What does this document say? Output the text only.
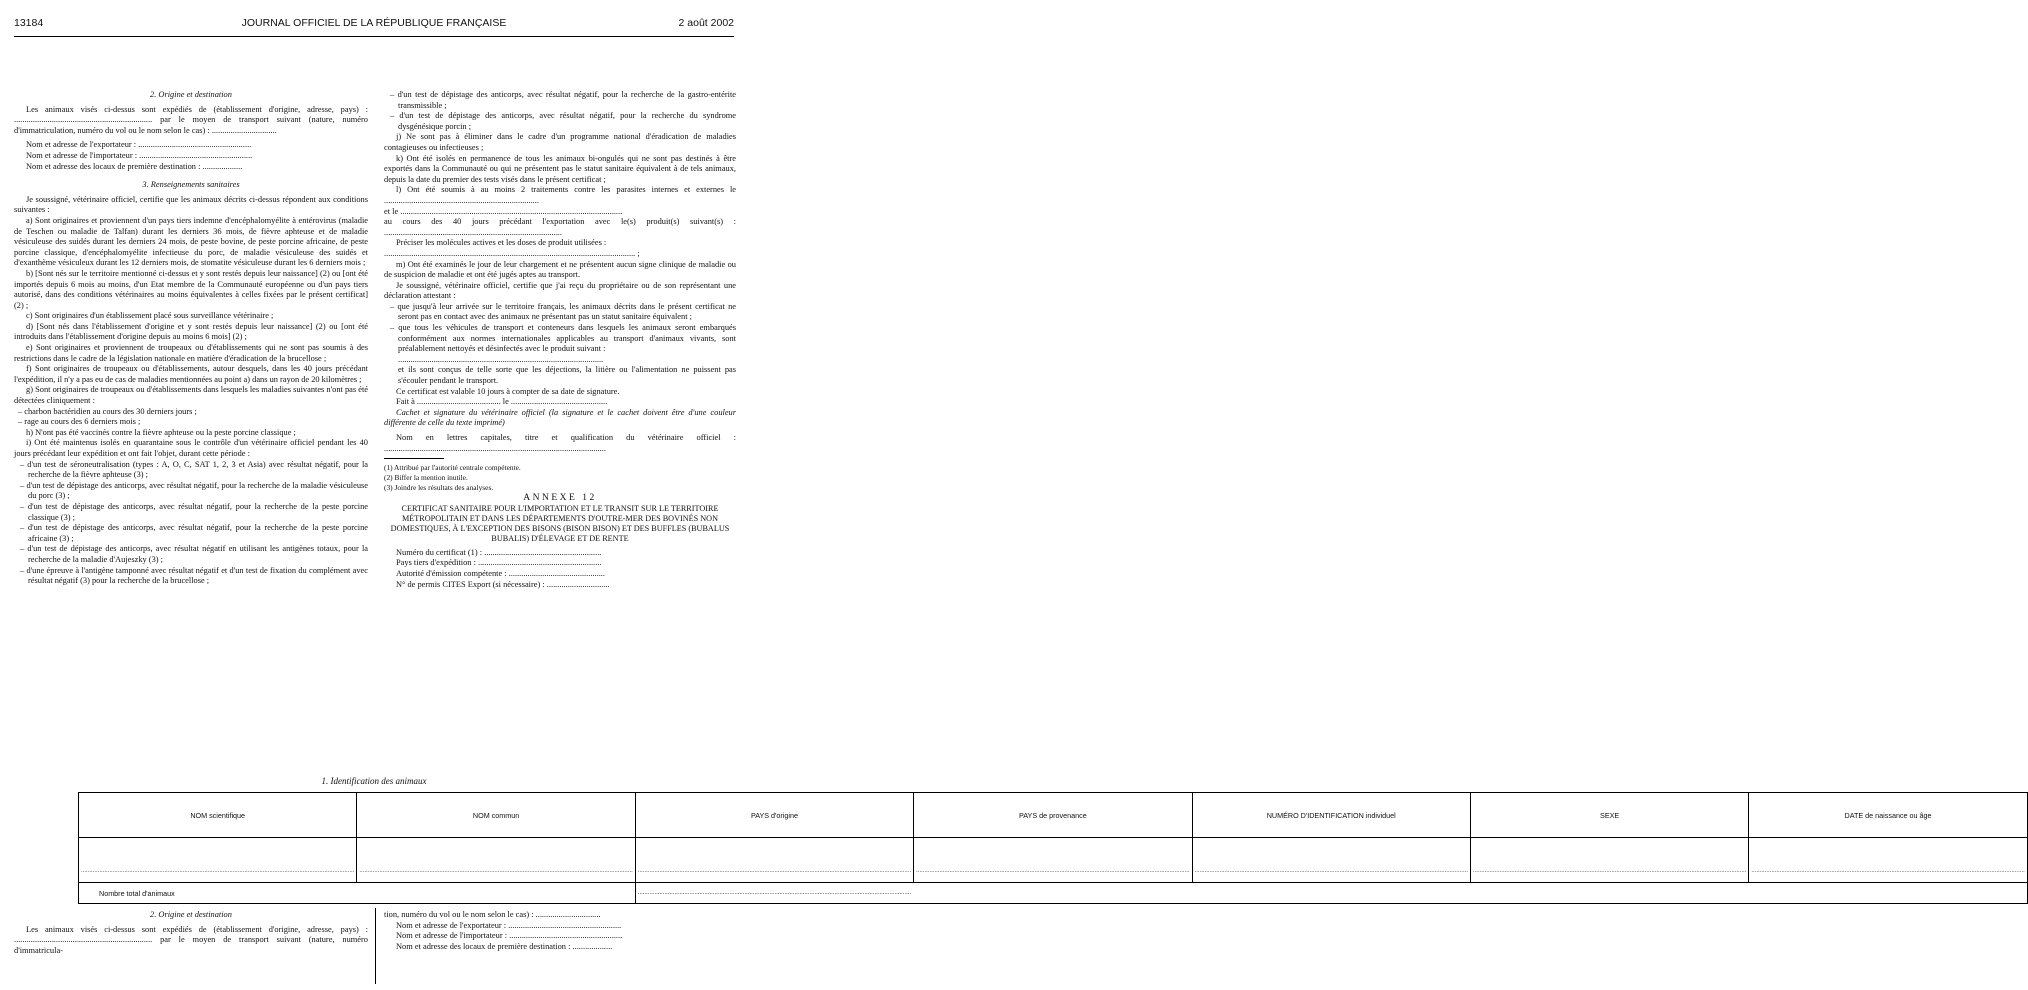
13184	JOURNAL OFFICIEL DE LA RÉPUBLIQUE FRANÇAISE	2 août 2002

2. Origine et destination

Les animaux visés ci-dessus sont expédiés de (établissement d'origine, adresse, pays) : .................................................................. par le moyen de transport suivant (nature, numéro d'immatriculation, numéro du vol ou le nom selon le cas) : ...............................

Nom et adresse de l'exportateur : ......................................................

Nom et adresse de l'importateur : ......................................................

Nom et adresse des locaux de première destination : ...................

3. Renseignements sanitaires

Je soussigné, vétérinaire officiel, certifie que les animaux décrits ci-dessus répondent aux conditions suivantes :

a) Sont originaires et proviennent d'un pays tiers indemne d'encéphalomyélite à entérovirus (maladie de Teschen ou maladie de Talfan) durant les derniers 36 mois, de fièvre aphteuse et de maladie vésiculeuse des suidés durant les derniers 24 mois, de peste bovine, de peste porcine africaine, de peste porcine classique, d'encéphalomyélite infectieuse du porc, de maladie vésiculeuse des suidés et d'exanthème vésiculeux durant les 12 derniers mois, de stomatite vésiculeuse durant les 6 derniers mois ;

b) [Sont nés sur le territoire mentionné ci-dessus et y sont restés depuis leur naissance] (2) ou [ont été importés depuis 6 mois au moins, d'un Etat membre de la Communauté européenne ou d'un pays tiers autorisé, dans des conditions vétérinaires au moins équivalentes à celles fixées par le présent certificat] (2) ;

c) Sont originaires d'un établissement placé sous surveillance vétérinaire ;

d) [Sont nés dans l'établissement d'origine et y sont restés depuis leur naissance] (2) ou [ont été introduits dans l'établissement d'origine depuis au moins 6 mois] (2) ;

e) Sont originaires et proviennent de troupeaux ou d'établissements qui ne sont pas soumis à des restrictions dans le cadre de la législation nationale en matière d'éradication de la brucellose ;

f) Sont originaires de troupeaux ou d'établissements, autour desquels, dans les 40 jours précédant l'expédition, il n'y a pas eu de cas de maladies mentionnées au point a) dans un rayon de 20 kilomètres ;

g) Sont originaires de troupeaux ou d'établissements dans lesquels les maladies suivantes n'ont pas été détectées cliniquement :

– charbon bactéridien au cours des 30 derniers jours ;

– rage au cours des 6 derniers mois ;

h) N'ont pas été vaccinés contre la fièvre aphteuse ou la peste porcine classique ;

i) Ont été maintenus isolés en quarantaine sous le contrôle d'un vétérinaire officiel pendant les 40 jours précédant leur expédition et ont fait l'objet, durant cette période :

– d'un test de séroneutralisation (types : A, O, C, SAT 1, 2, 3 et Asia) avec résultat négatif, pour la recherche de la fièvre aphteuse (3) ;

– d'un test de dépistage des anticorps, avec résultat négatif, pour la recherche de la maladie vésiculeuse du porc (3) ;

– d'un test de dépistage des anticorps, avec résultat négatif, pour la recherche de la peste porcine classique (3) ;

– d'un test de dépistage des anticorps, avec résultat négatif, pour la recherche de la peste porcine africaine (3) ;

– d'un test de dépistage des anticorps, avec résultat négatif en utilisant les antigènes totaux, pour la recherche de la maladie d'Aujeszky (3) ;

– d'une épreuve à l'antigène tamponné avec résultat négatif et d'un test de fixation du complément avec résultat négatif (3) pour la recherche de la brucellose ;

– d'un test de dépistage des anticorps, avec résultat négatif, pour la recherche de la gastro-entérite transmissible ;

– d'un test de dépistage des anticorps, avec résultat négatif, pour la recherche du syndrome dysgénésique porcin ;

j) Ne sont pas à éliminer dans le cadre d'un programme national d'éradication de maladies contagieuses ou infectieuses ;

k) Ont été isolés en permanence de tous les animaux bi-ongulés qui ne sont pas destinés à être exportés dans la Communauté ou qui ne présentent pas le statut sanitaire équivalent à de tels animaux, depuis la date du premier des tests visés dans le présent certificat ;

l) Ont été soumis à au moins 2 traitements contre les parasites internes et externes le ..........................................................................

et le ..........................................................................................................

au cours des 40 jours précédant l'exportation avec le(s) produit(s) suivant(s) : .....................................................................................

Préciser les molécules actives et les doses de produit utilisées :

........................................................................................................................ ;

m) Ont été examinés le jour de leur chargement et ne présentent aucun signe clinique de maladie ou de suspicion de maladie et ont été jugés aptes au transport.

Je soussigné, vétérinaire officiel, certifie que j'ai reçu du propriétaire ou de son représentant une déclaration attestant :

– que jusqu'à leur arrivée sur le territoire français, les animaux décrits dans le présent certificat ne seront pas en contact avec des animaux ne présentant pas un statut sanitaire équivalent ;

– que tous les véhicules de transport et conteneurs dans lesquels les animaux seront embarqués conformément aux normes internationales applicables au transport d'animaux vivants, sont préalablement nettoyés et désinfectés avec le produit suivant :

..................................................................................................

et ils sont conçus de telle sorte que les déjections, la litière ou l'alimentation ne puissent pas s'écouler pendant le transport.

Ce certificat est valable 10 jours à compter de sa date de signature.

Fait à ........................................ le ..............................................

Cachet et signature du vétérinaire officiel (la signature et le cachet doivent être d'une couleur différente de celle du texte imprimé)

Nom en lettres capitales, titre et qualification du vétérinaire officiel : ..........................................................................................................

(1) Attribué par l'autorité centrale compétente.

(2) Biffer la mention inutile.

(3) Joindre les résultats des analyses.

ANNEXE 12

CERTIFICAT SANITAIRE POUR L'IMPORTATION ET LE TRANSIT SUR LE TERRITOIRE MÉTROPOLITAIN ET DANS LES DÉPARTEMENTS D'OUTRE-MER DES BOVINÉS NON DOMESTIQUES, À L'EXCEPTION DES BISONS (BISON BISON) ET DES BUFFLES (BUBALUS BUBALIS) D'ÉLEVAGE ET DE RENTE

Numéro du certificat (1) : ........................................................

Pays tiers d'expédition : ...........................................................

Autorité d'émission compétente : ..............................................

N° de permis CITES Export (si nécessaire) : ..............................

1. Identification des animaux
NOM scientifique	NOM commun	PAYS d'origine	PAYS de provenance	NUMÉRO D'IDENTIFICATION individuel	SEXE	DATE de naissance ou âge
....................................................................................................................................................................	....................................................................................................................................................................	....................................................................................................................................................................	....................................................................................................................................................................	....................................................................................................................................................................	....................................................................................................................................................................	....................................................................................................................................................................
Nombre total d'animaux		....................................................................................................................................................................				

2. Origine et destination

Les animaux visés ci-dessus sont expédiés de (établissement d'origine, adresse, pays) : .................................................................. par le moyen de transport suivant (nature, numéro d'immatricula-

tion, numéro du vol ou le nom selon le cas) : ...............................

Nom et adresse de l'exportateur : ......................................................

Nom et adresse de l'importateur : ......................................................

Nom et adresse des locaux de première destination : ...................
